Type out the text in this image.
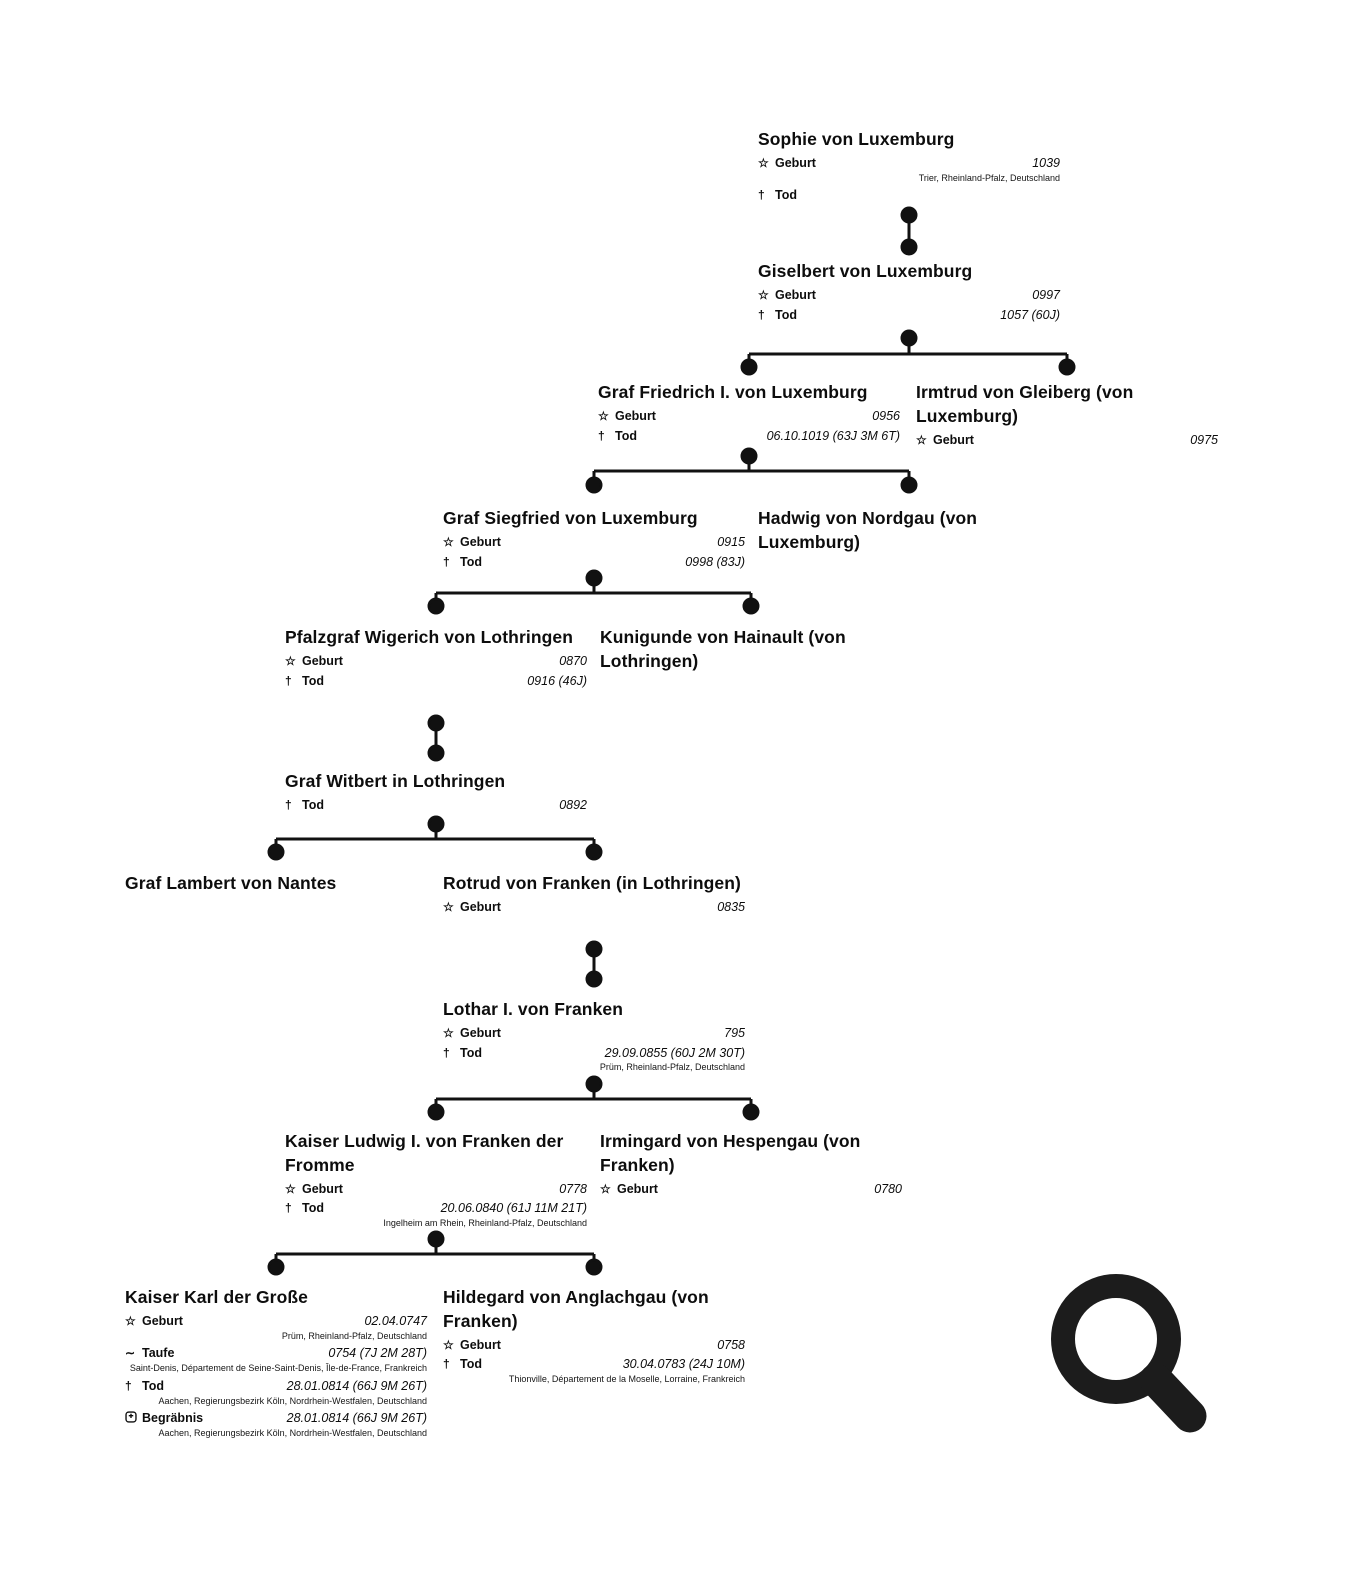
Sophie von Luxemburg
☆ Geburt	1039
Trier, Rheinland-Pfalz, Deutschland
† Tod
Giselbert von Luxemburg
☆ Geburt	0997
† Tod	1057 (60J)
Graf Friedrich I. von Luxemburg
☆ Geburt	0956
† Tod	06.10.1019 (63J 3M 6T)
Irmtrud von Gleiberg (von Luxemburg)
☆ Geburt	0975
Graf Siegfried von Luxemburg
☆ Geburt	0915
† Tod	0998 (83J)
Hadwig von Nordgau (von Luxemburg)
Pfalzgraf Wigerich von Lothringen
☆ Geburt	0870
† Tod	0916 (46J)
Kunigunde von Hainault (von Lothringen)
Graf Witbert in Lothringen
† Tod	0892
Graf Lambert von Nantes	Rotrud von Franken (in Lothringen)
☆ Geburt	0835
Lothar I. von Franken
☆ Geburt	795
† Tod	29.09.0855 (60J 2M 30T)
Prüm, Rheinland-Pfalz, Deutschland
Kaiser Ludwig I. von Franken der Fromme
☆ Geburt	0778
† Tod	20.06.0840 (61J 11M 21T)
Ingelheim am Rhein, Rheinland-Pfalz, Deutschland
Irmingard von Hespengau (von Franken)
☆ Geburt	0780
Kaiser Karl der Große
☆ Geburt	02.04.0747
Prüm, Rheinland-Pfalz, Deutschland
∼ Taufe	0754 (7J 2M 28T)
Saint-Denis, Département de Seine-Saint-Denis, Île-de-France, Frankreich
† Tod	28.01.0814 (66J 9M 26T)
Aachen, Regierungsbezirk Köln, Nordrhein-Westfalen, Deutschland
Begräbnis	28.01.0814 (66J 9M 26T)
Aachen, Regierungsbezirk Köln, Nordrhein-Westfalen, Deutschland
Hildegard von Anglachgau (von Franken)
☆ Geburt	0758
† Tod	30.04.0783 (24J 10M)
Thionville, Département de la Moselle, Lorraine, Frankreich
